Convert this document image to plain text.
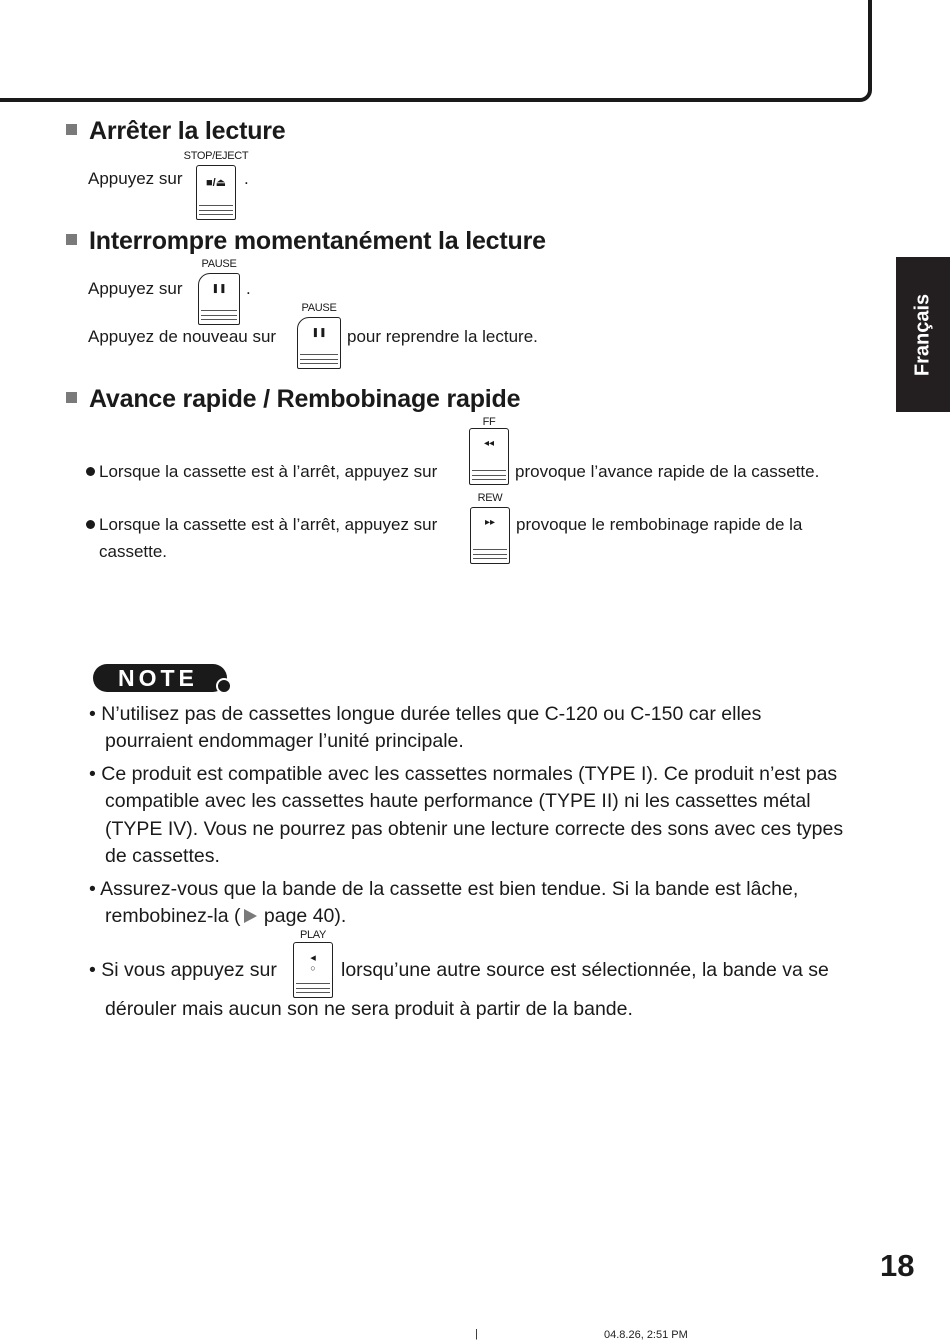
Arrêter la lecture
Appuyez sur
STOP/EJECT
■/⏏	.
Interrompre momentanément la lecture
Appuyez sur
PAUSE
❚❚	.
Appuyez de nouveau sur
PAUSE
❚❚	pour reprendre la lecture.
Avance rapide / Rembobinage rapide
Lorsque la cassette est à l’arrêt, appuyez sur
FF
◂◂
provoque l’avance rapide de la cassette.
Lorsque la cassette est à l’arrêt, appuyez sur
REW
▸▸	provoque le rembobinage rapide de la
cassette.
NOTE
• N’utilisez pas de cassettes longue durée telles que C-120 ou C-150 car elles
pourraient endommager l’unité principale.
• Ce produit est compatible avec les cassettes normales (TYPE I). Ce produit n’est pas
compatible avec les cassettes haute performance (TYPE II) ni les cassettes métal
(TYPE IV). Vous ne pourrez pas obtenir une lecture correcte des sons avec ces types
de cassettes.
• Assurez-vous que la bande de la cassette est bien tendue. Si la bande est lâche,
rembobinez-la ( page 40).
• Si vous appuyez sur
PLAY
◂
○	lorsqu’une autre source est sélectionnée, la bande va se
dérouler mais aucun son ne sera produit à partir de la bande.
Français
18
|	04.8.26, 2:51 PM
